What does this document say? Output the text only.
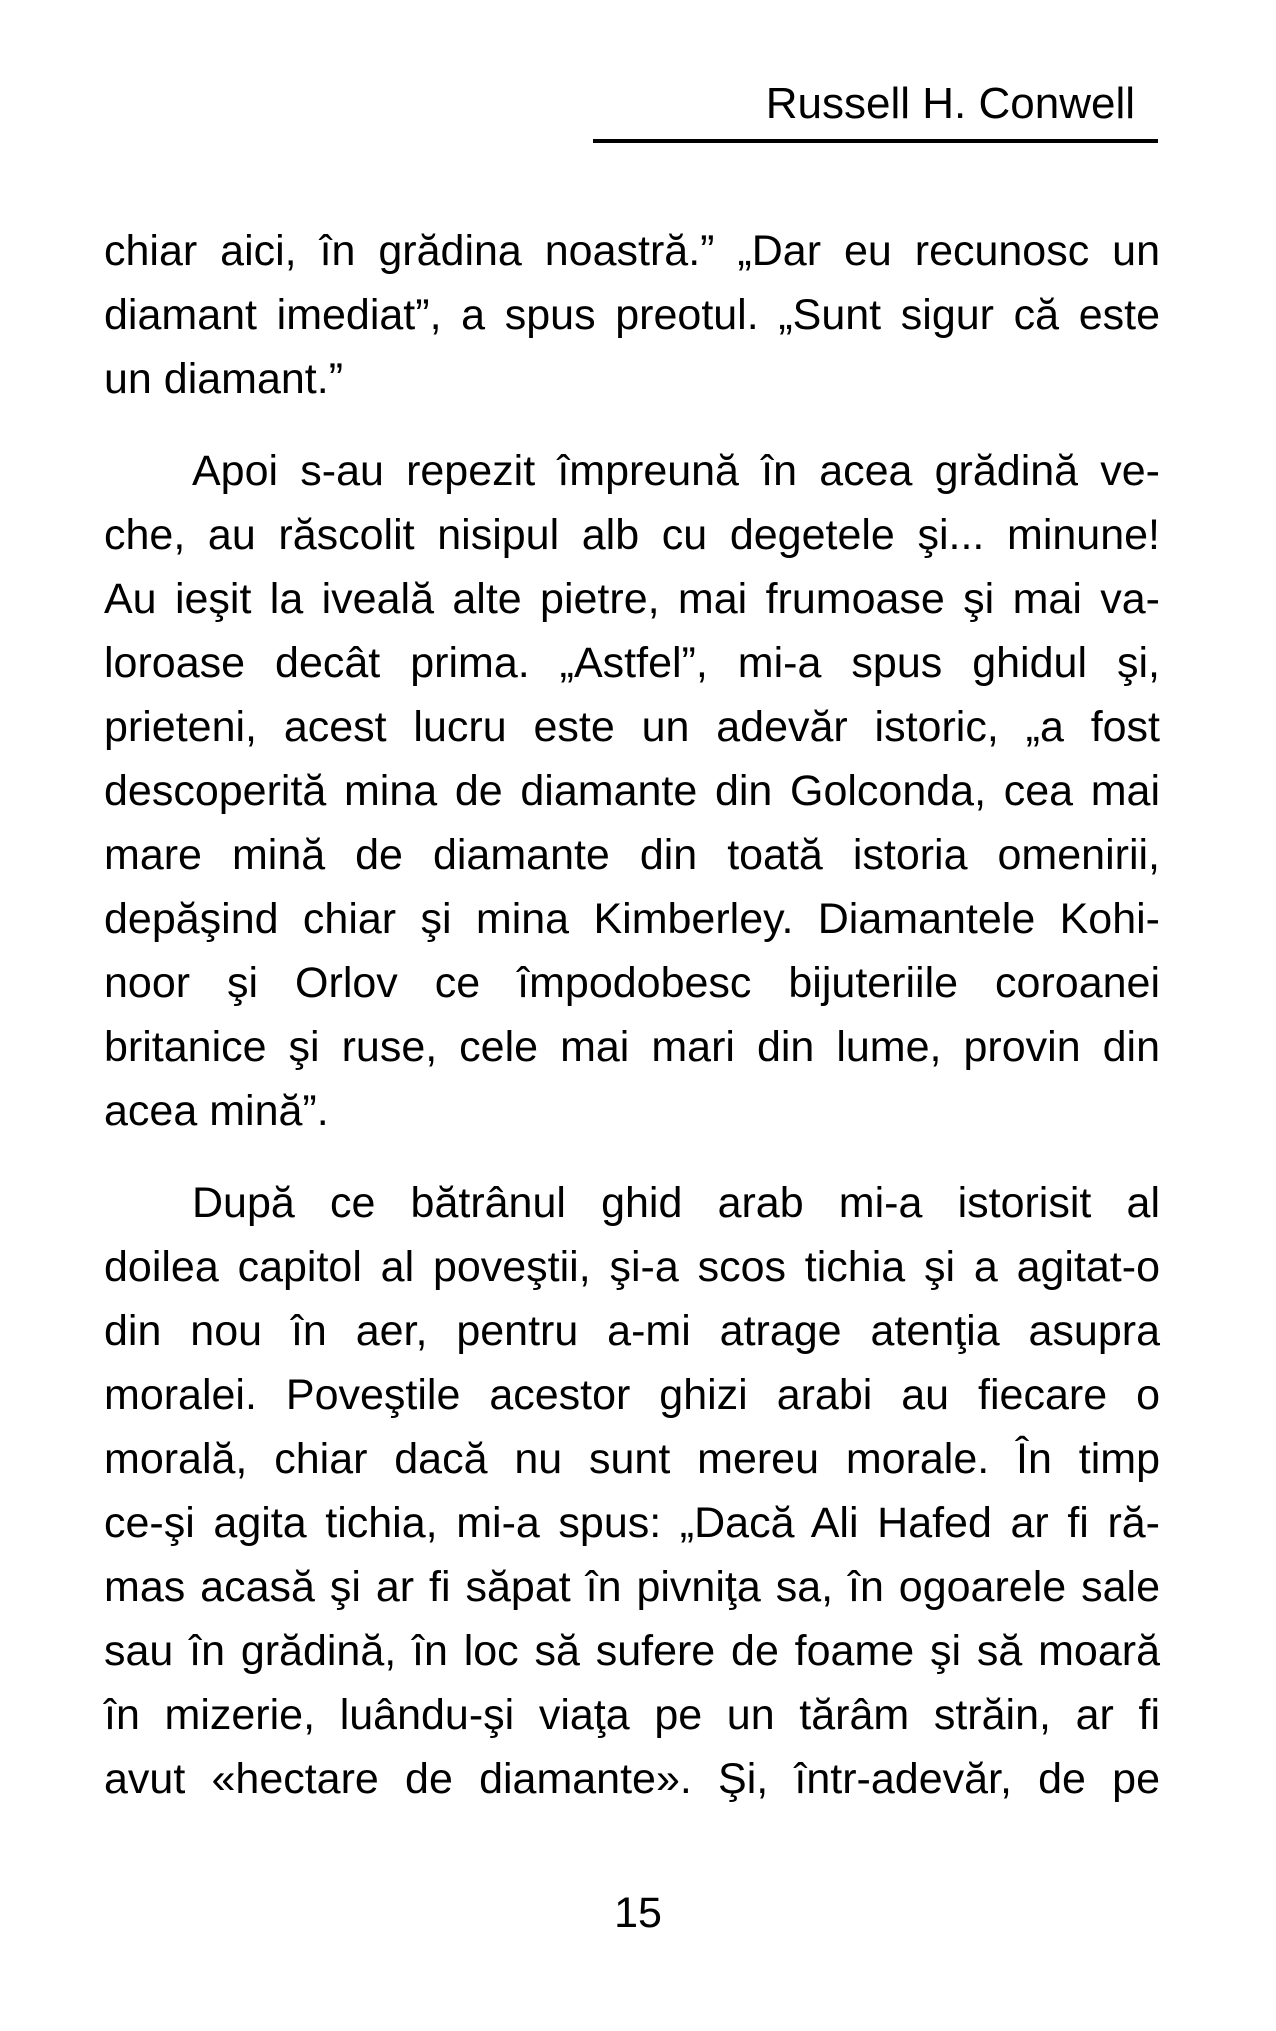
Russell H. Conwell
chiar aici, în grădina noastră.” „Dar eu recunosc un
diamant imediat”, a spus preotul. „Sunt sigur că este
un diamant.”
Apoi s-au repezit împreună în acea grădină ve-
che, au răscolit nisipul alb cu degetele şi... minune!
Au ieşit la iveală alte pietre, mai frumoase şi mai va-
loroase decât prima. „Astfel”, mi-a spus ghidul şi,
prieteni, acest lucru este un adevăr istoric, „a fost
descoperită mina de diamante din Golconda, cea mai
mare mină de diamante din toată istoria omenirii,
depăşind chiar şi mina Kimberley. Diamantele Kohi-
noor şi Orlov ce împodobesc bijuteriile coroanei
britanice şi ruse, cele mai mari din lume, provin din
acea mină”.
După ce bătrânul ghid arab mi-a istorisit al
doilea capitol al poveştii, şi-a scos tichia şi a agitat-o
din nou în aer, pentru a-mi atrage atenţia asupra
moralei. Poveştile acestor ghizi arabi au fiecare o
morală, chiar dacă nu sunt mereu morale. În timp
ce-şi agita tichia, mi-a spus: „Dacă Ali Hafed ar fi ră-
mas acasă şi ar fi săpat în pivniţa sa, în ogoarele sale
sau în grădină, în loc să sufere de foame şi să moară
în mizerie, luându-şi viaţa pe un tărâm străin, ar fi
avut «hectare de diamante». Şi, într-adevăr, de pe
15
